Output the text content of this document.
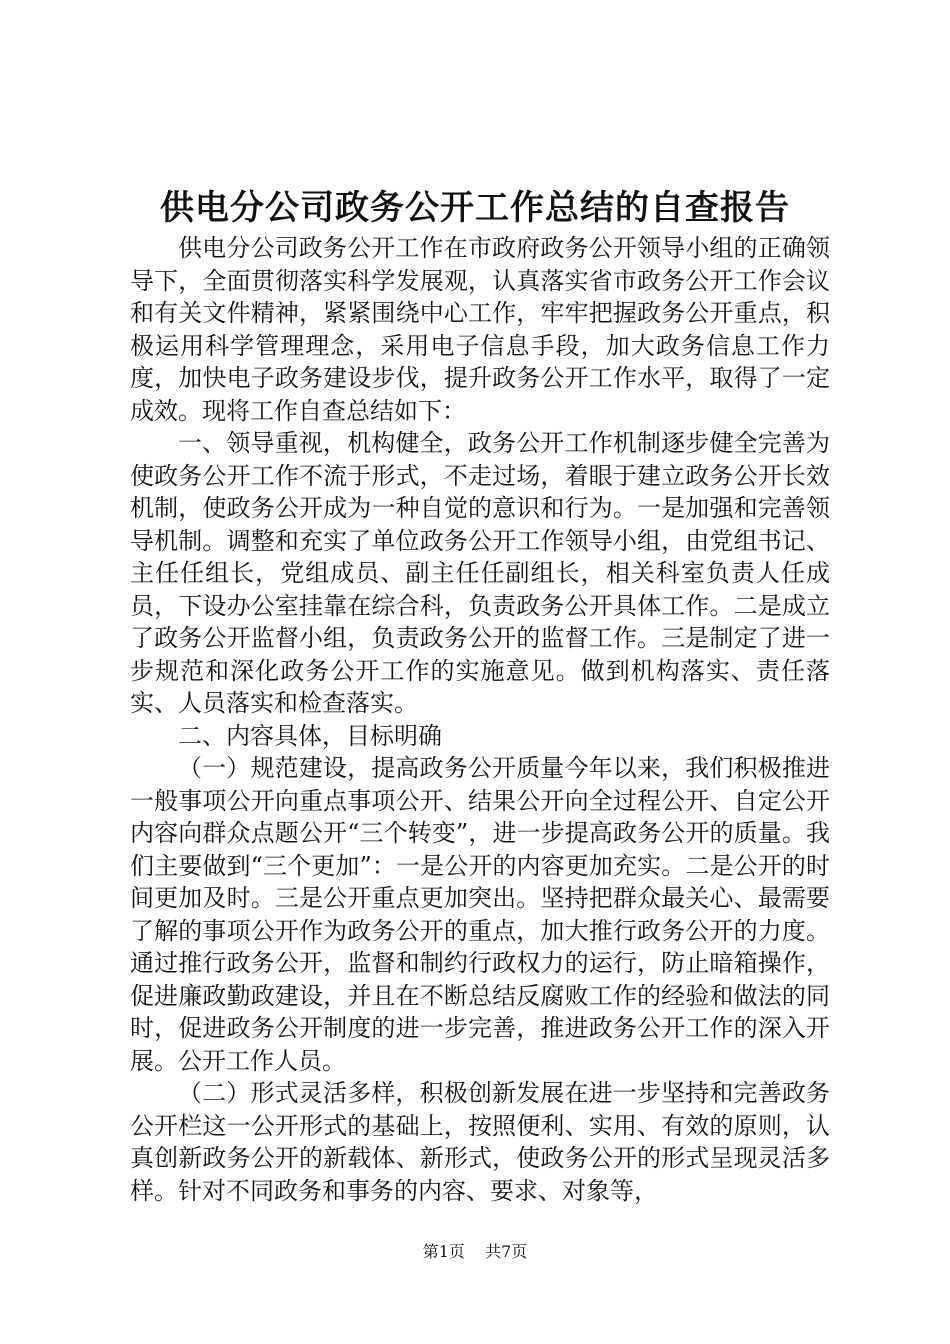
供电分公司政务公开工作总结的自查报告

供电分公司政务公开工作在市政府政务公开领导小组的正确领导下，全面贯彻落实科学发展观，认真落实省市政务公开工作会议和有关文件精神，紧紧围绕中心工作，牢牢把握政务公开重点，积极运用科学管理理念，采用电子信息手段，加大政务信息工作力度，加快电子政务建设步伐，提升政务公开工作水平，取得了一定成效。现将工作自查总结如下：

一、领导重视，机构健全，政务公开工作机制逐步健全完善为使政务公开工作不流于形式，不走过场，着眼于建立政务公开长效机制，使政务公开成为一种自觉的意识和行为。一是加强和完善领导机制。调整和充实了单位政务公开工作领导小组，由党组书记、主任任组长，党组成员、副主任任副组长，相关科室负责人任成员，下设办公室挂靠在综合科，负责政务公开具体工作。二是成立了政务公开监督小组，负责政务公开的监督工作。三是制定了进一步规范和深化政务公开工作的实施意见。做到机构落实、责任落实、人员落实和检查落实。

二、内容具体，目标明确

（一）规范建设，提高政务公开质量今年以来，我们积极推进一般事项公开向重点事项公开、结果公开向全过程公开、自定公开内容向群众点题公开“三个转变”，进一步提高政务公开的质量。我们主要做到“三个更加”：一是公开的内容更加充实。二是公开的时间更加及时。三是公开重点更加突出。坚持把群众最关心、最需要了解的事项公开作为政务公开的重点，加大推行政务公开的力度。通过推行政务公开，监督和制约行政权力的运行，防止暗箱操作，促进廉政勤政建设，并且在不断总结反腐败工作的经验和做法的同时，促进政务公开制度的进一步完善，推进政务公开工作的深入开展。公开工作人员。

（二）形式灵活多样，积极创新发展在进一步坚持和完善政务公开栏这一公开形式的基础上，按照便利、实用、有效的原则，认真创新政务公开的新载体、新形式，使政务公开的形式呈现灵活多样。针对不同政务和事务的内容、要求、对象等，

第1页 共7页
